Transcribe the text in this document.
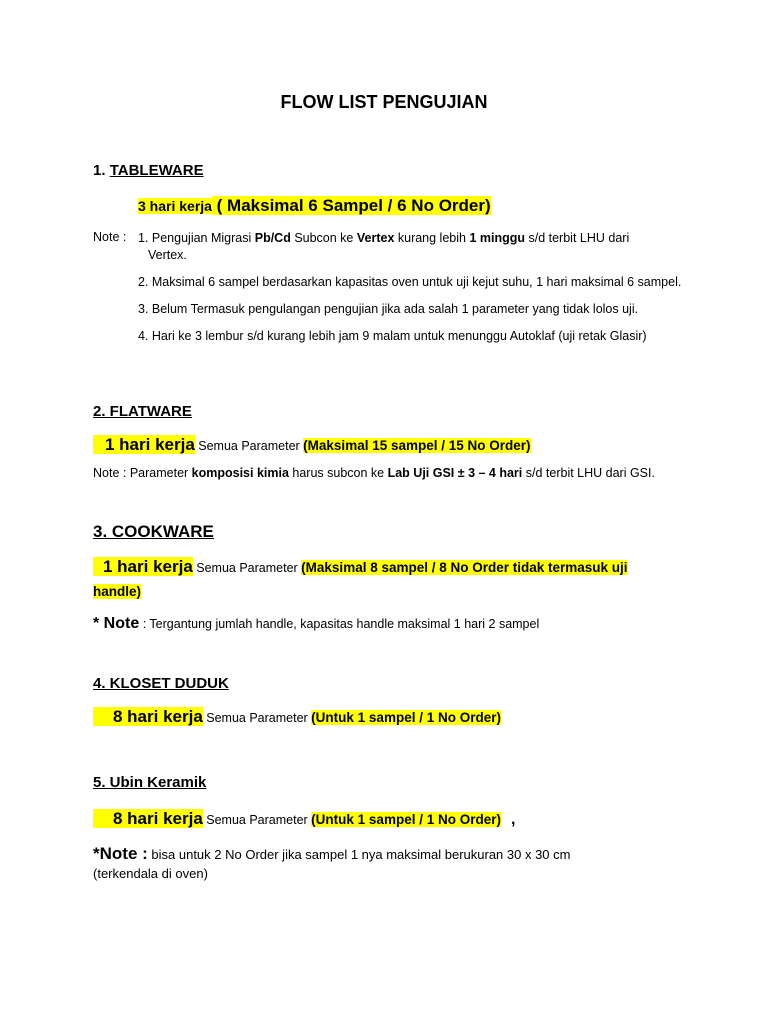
FLOW LIST PENGUJIAN
1. TABLEWARE
3 hari kerja ( Maksimal 6 Sampel / 6 No Order)
Note : 1. Pengujian Migrasi Pb/Cd Subcon ke Vertex kurang lebih 1 minggu s/d terbit LHU dari
Vertex.
2. Maksimal 6 sampel berdasarkan kapasitas oven untuk uji kejut suhu, 1 hari maksimal 6 sampel.
3. Belum Termasuk pengulangan pengujian jika ada salah 1 parameter yang tidak lolos uji.
4. Hari ke 3 lembur s/d kurang lebih jam 9 malam untuk menunggu Autoklaf (uji retak Glasir)
2. FLATWARE
1 hari kerja Semua Parameter (Maksimal 15 sampel / 15 No Order)
Note : Parameter komposisi kimia harus subcon ke Lab Uji GSI ± 3 – 4 hari s/d terbit LHU dari GSI.
3. COOKWARE
1 hari kerja Semua Parameter (Maksimal 8 sampel / 8 No Order tidak termasuk uji
handle)
* Note : Tergantung jumlah handle, kapasitas handle maksimal 1 hari 2 sampel
4. KLOSET DUDUK
8 hari kerja Semua Parameter (Untuk 1 sampel / 1 No Order)
5. Ubin Keramik
8 hari kerja Semua Parameter (Untuk 1 sampel / 1 No Order) ,
*Note : bisa untuk 2 No Order jika sampel 1 nya maksimal berukuran 30 x 30 cm
(terkendala di oven)
